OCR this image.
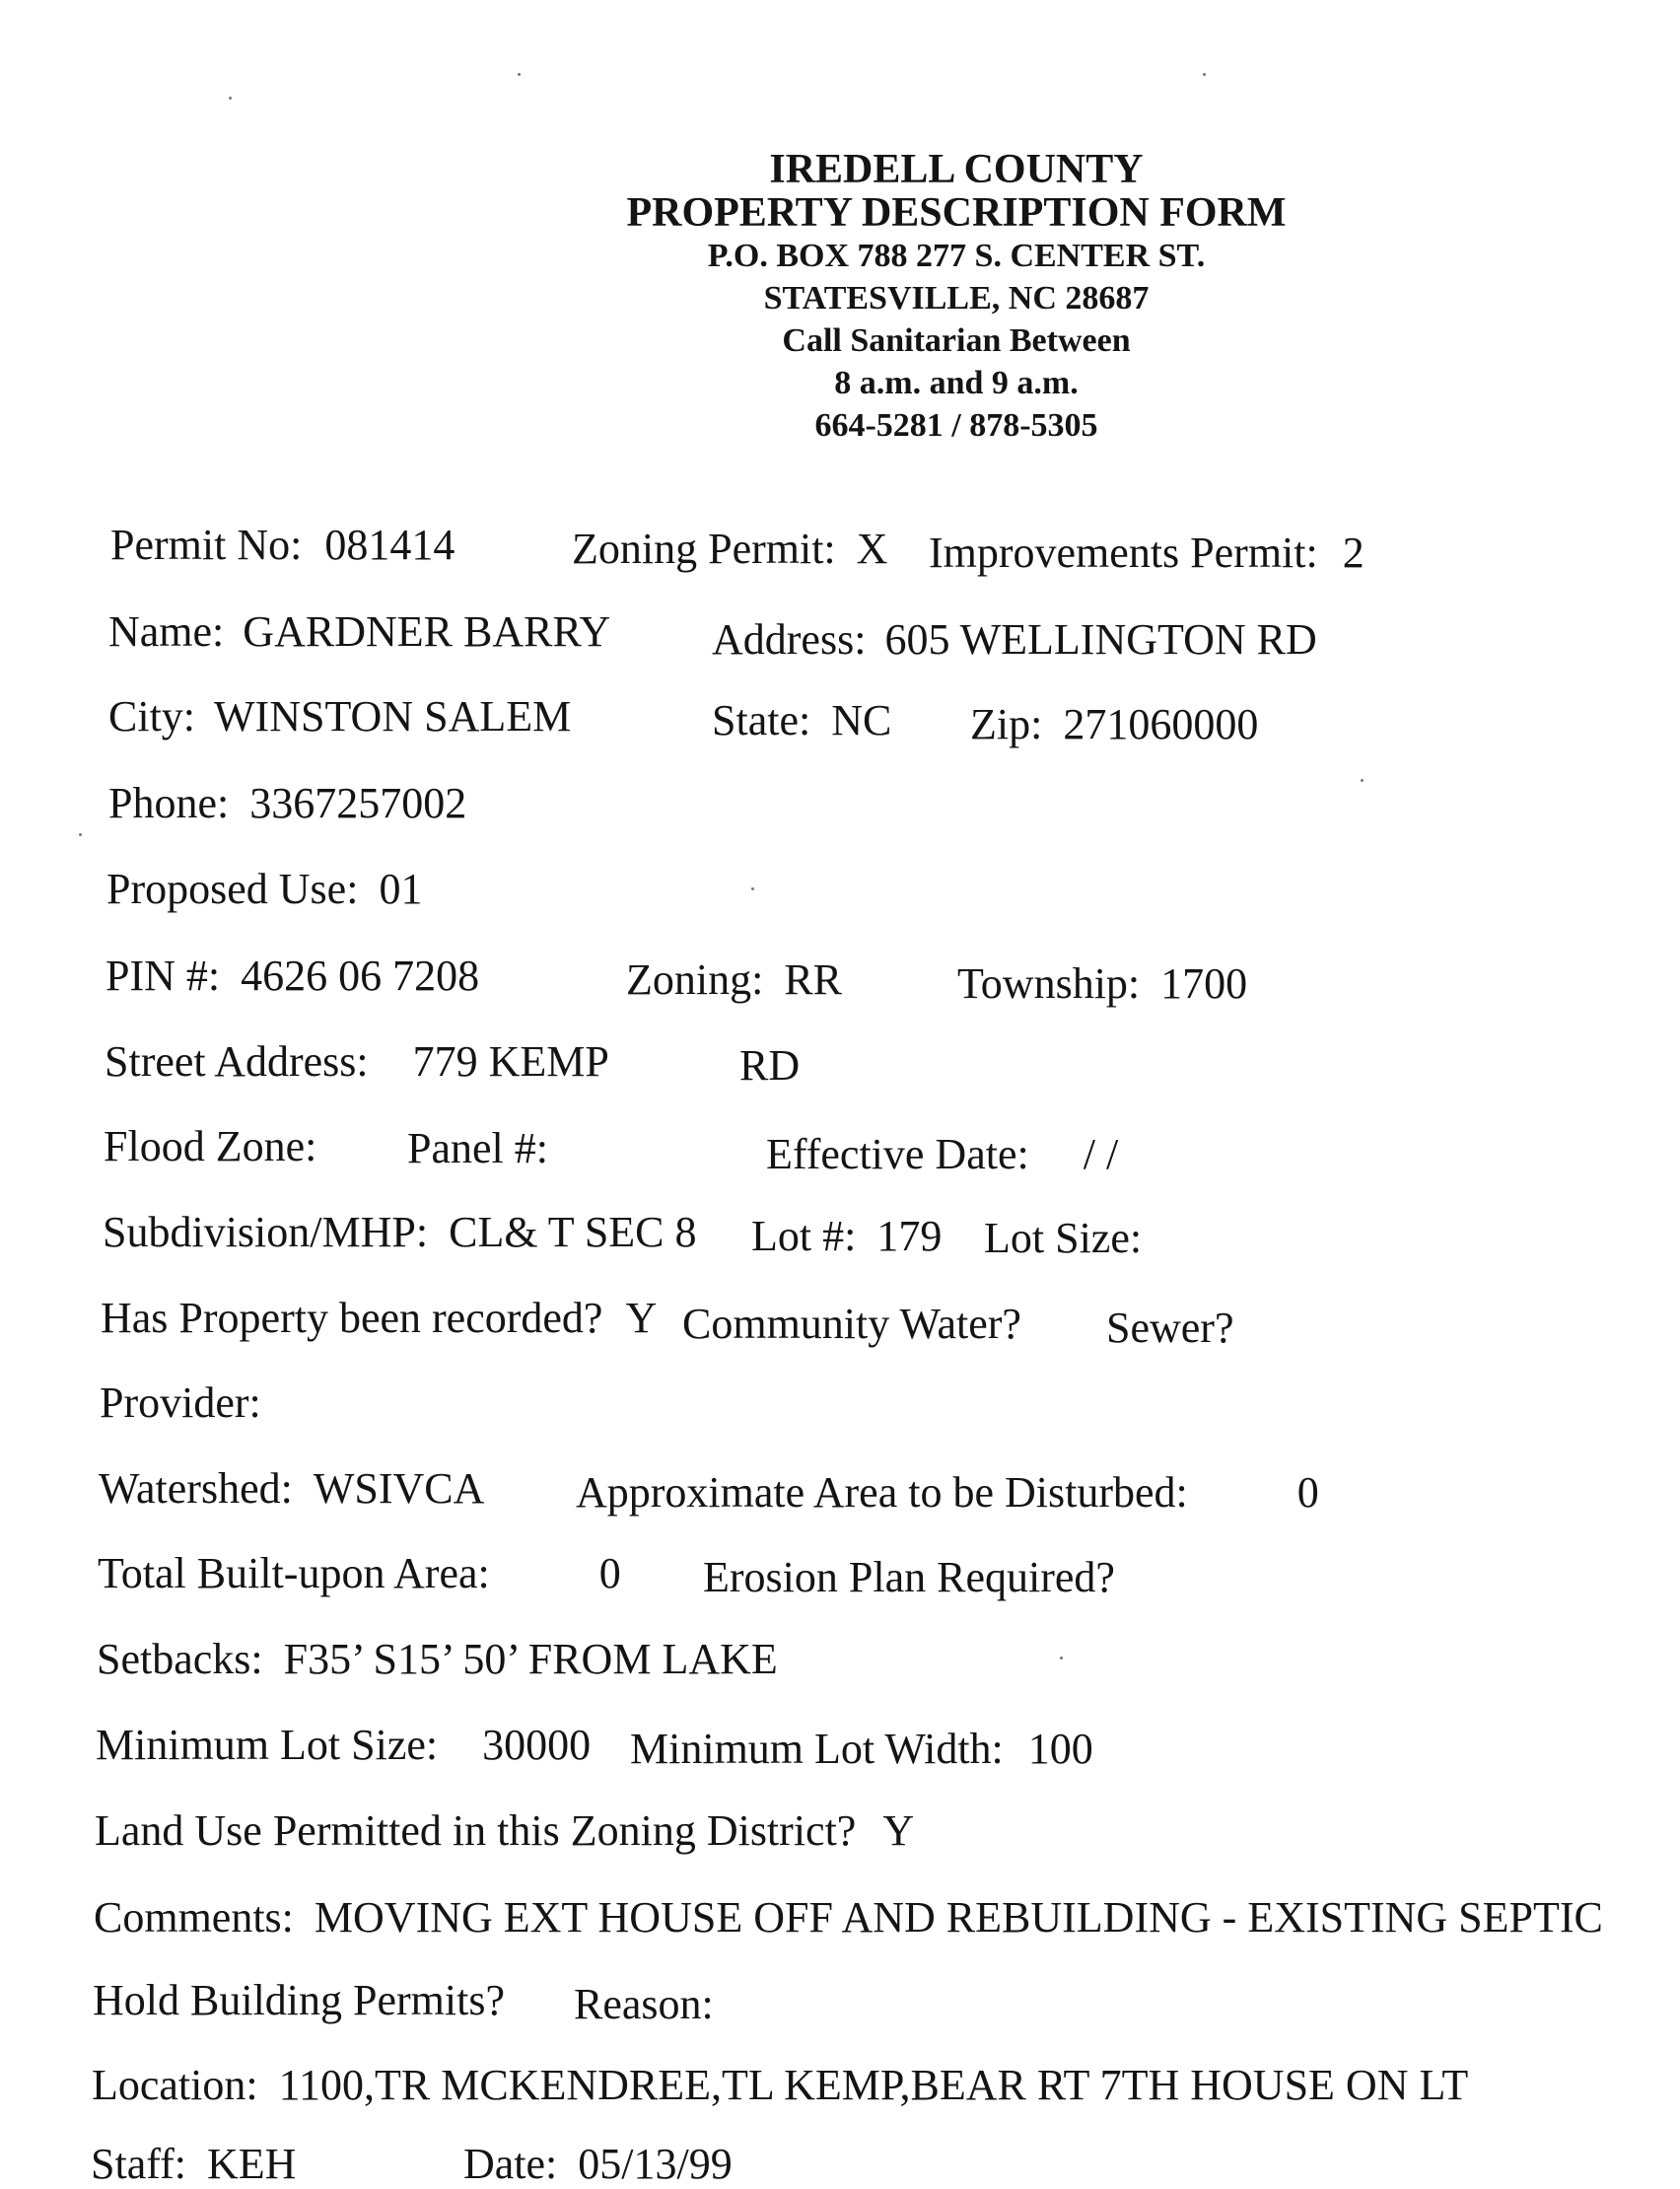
IREDELL COUNTY
PROPERTY DESCRIPTION FORM
P.O. BOX 788 277 S. CENTER ST.
STATESVILLE, NC 28687
Call Sanitarian Between
8 a.m. and 9 a.m.
664-5281 / 878-5305
Permit No: 081414	Zoning Permit: X Improvements Permit: 2
Name: GARDNER BARRY Address: 605 WELLINGTON RD
City: WINSTON SALEM	State: NC Zip: 271060000
Phone: 3367257002
Proposed Use: 01
PIN #: 4626 06 7208	Zoning: RR	Township: 1700
Street Address: 779 KEMP	RD
Flood Zone: Panel #:	Effective Date: / /
Subdivision/MHP: CL& T SEC 8 Lot #: 179 Lot Size:
Has Property been recorded? Y Community Water? Sewer?
Provider:
Watershed: WSIVCA Approximate Area to be Disturbed:	0
Total Built-upon Area:	0 Erosion Plan Required?
Setbacks: F35’ S15’ 50’ FROM LAKE
Minimum Lot Size: 30000 Minimum Lot Width: 100
Land Use Permitted in this Zoning District? Y
Comments: MOVING EXT HOUSE OFF AND REBUILDING - EXISTING SEPTIC
Hold Building Permits? Reason:
Location: 1100,TR MCKENDREE,TL KEMP,BEAR RT 7TH HOUSE ON LT
Staff: KEH	Date: 05/13/99
